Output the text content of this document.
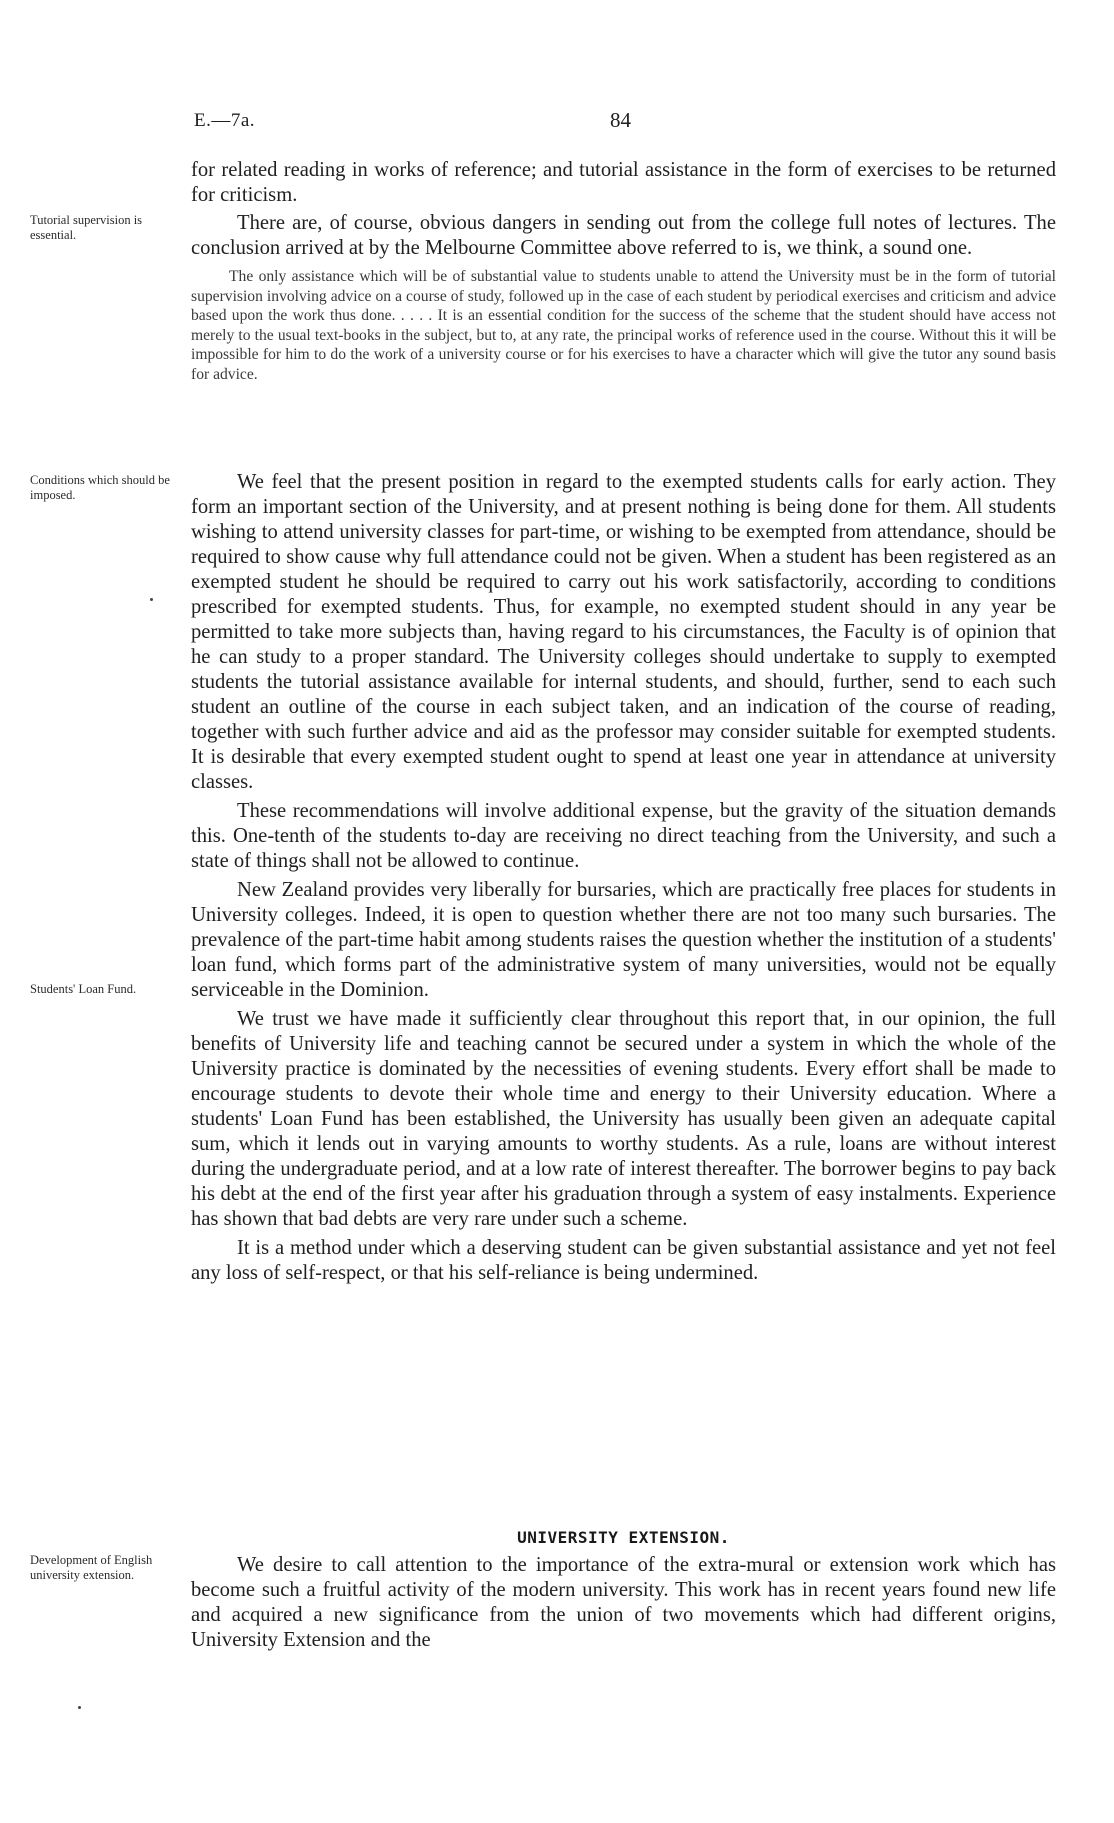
E.—7a.	84
Tutorial supervision is essential.
Conditions which should be imposed.
Students' Loan Fund.
Development of English university extension.

for related reading in works of reference; and tutorial assistance in the form of exercises to be returned for criticism.

There are, of course, obvious dangers in sending out from the college full notes of lectures. The conclusion arrived at by the Melbourne Committee above referred to is, we think, a sound one.

The only assistance which will be of substantial value to students unable to attend the University must be in the form of tutorial supervision involving advice on a course of study, followed up in the case of each student by periodical exercises and criticism and advice based upon the work thus done. . . . . It is an essential condition for the success of the scheme that the student should have access not merely to the usual text-books in the subject, but to, at any rate, the principal works of reference used in the course. Without this it will be impossible for him to do the work of a university course or for his exercises to have a character which will give the tutor any sound basis for advice.

We feel that the present position in regard to the exempted students calls for early action. They form an important section of the University, and at present nothing is being done for them. All students wishing to attend university classes for part-time, or wishing to be exempted from attendance, should be required to show cause why full attendance could not be given. When a student has been registered as an exempted student he should be required to carry out his work satisfactorily, according to conditions prescribed for exempted students. Thus, for example, no exempted student should in any year be permitted to take more subjects than, having regard to his circumstances, the Faculty is of opinion that he can study to a proper standard. The University colleges should undertake to supply to exempted students the tutorial assistance available for internal students, and should, further, send to each such student an outline of the course in each subject taken, and an indication of the course of reading, together with such further advice and aid as the professor may consider suitable for exempted students. It is desirable that every exempted student ought to spend at least one year in attendance at university classes.

These recommendations will involve additional expense, but the gravity of the situation demands this. One-tenth of the students to-day are receiving no direct teaching from the University, and such a state of things shall not be allowed to continue.

New Zealand provides very liberally for bursaries, which are practically free places for students in University colleges. Indeed, it is open to question whether there are not too many such bursaries. The prevalence of the part-time habit among students raises the question whether the institution of a students' loan fund, which forms part of the administrative system of many universities, would not be equally serviceable in the Dominion.

We trust we have made it sufficiently clear throughout this report that, in our opinion, the full benefits of University life and teaching cannot be secured under a system in which the whole of the University practice is dominated by the necessities of evening students. Every effort shall be made to encourage students to devote their whole time and energy to their University education. Where a students' Loan Fund has been established, the University has usually been given an adequate capital sum, which it lends out in varying amounts to worthy students. As a rule, loans are without interest during the undergraduate period, and at a low rate of interest thereafter. The borrower begins to pay back his debt at the end of the first year after his graduation through a system of easy instalments. Experience has shown that bad debts are very rare under such a scheme.

It is a method under which a deserving student can be given substantial assistance and yet not feel any loss of self-respect, or that his self-reliance is being undermined.

UNIVERSITY EXTENSION.

We desire to call attention to the importance of the extra-mural or extension work which has become such a fruitful activity of the modern university. This work has in recent years found new life and acquired a new significance from the union of two movements which had different origins, University Extension and the
